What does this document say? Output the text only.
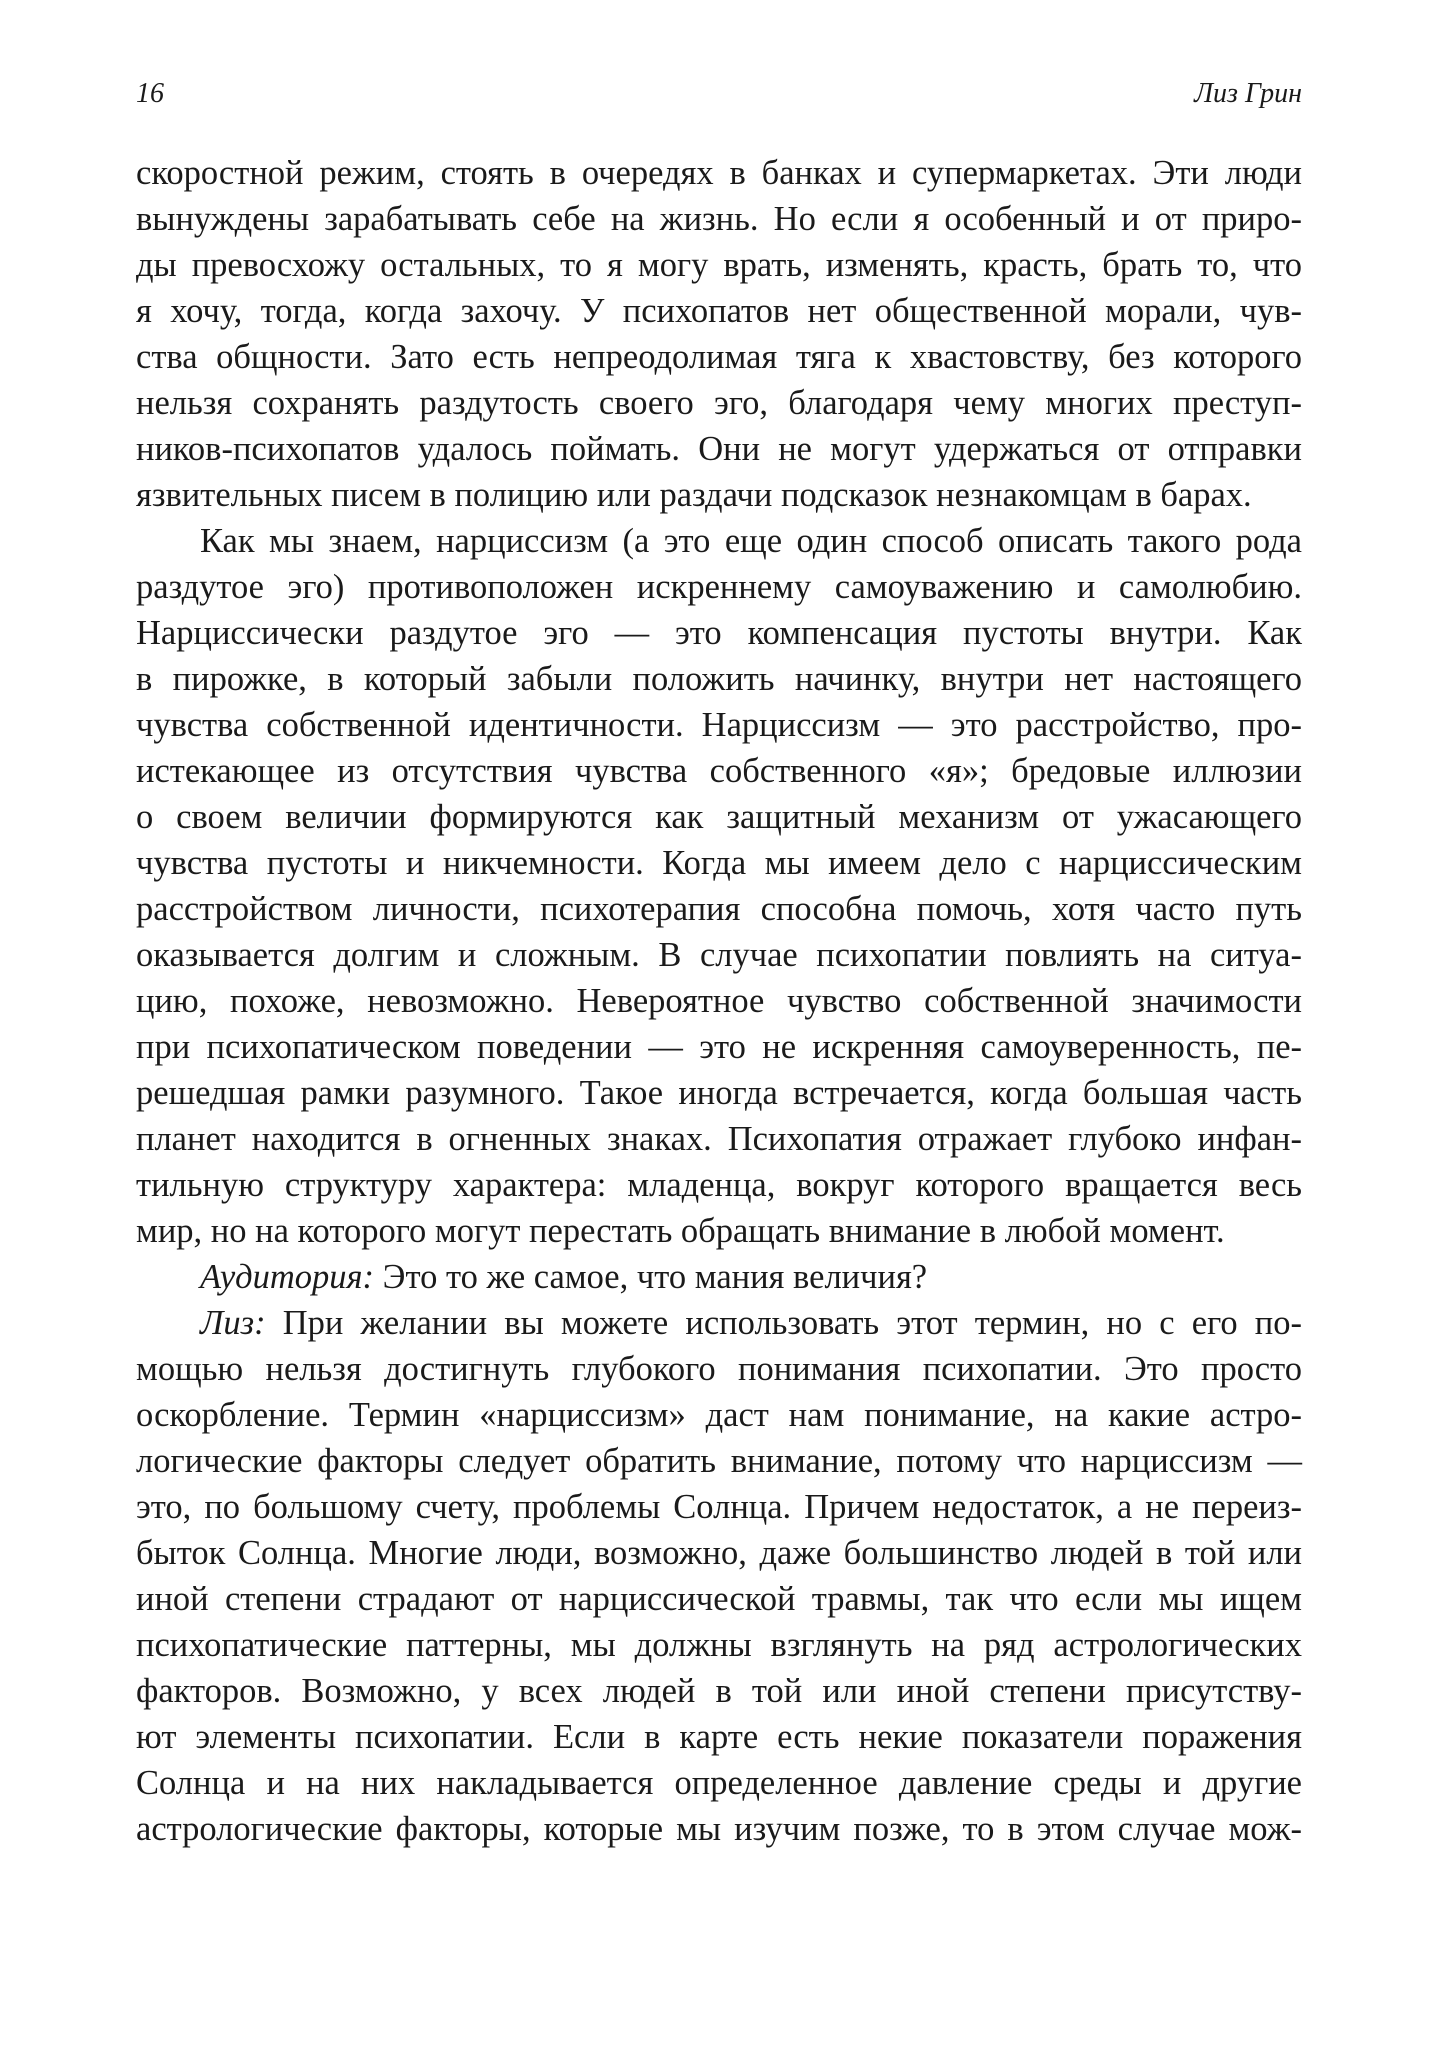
16	Лиз Грин
скоростной режим, стоять в очередях в банках и супермаркетах. Эти люди
вынуждены зарабатывать себе на жизнь. Но если я особенный и от приро-
ды превосхожу остальных, то я могу врать, изменять, красть, брать то, что
я хочу, тогда, когда захочу. У психопатов нет общественной морали, чув-
ства общности. Зато есть непреодолимая тяга к хвастовству, без которого
нельзя сохранять раздутость своего эго, благодаря чему многих преступ-
ников-психопатов удалось поймать. Они не могут удержаться от отправки
язвительных писем в полицию или раздачи подсказок незнакомцам в барах.
Как мы знаем, нарциссизм (а это еще один способ описать такого рода
раздутое эго) противоположен искреннему самоуважению и самолюбию.
Нарциссически раздутое эго — это компенсация пустоты внутри. Как
в пирожке, в который забыли положить начинку, внутри нет настоящего
чувства собственной идентичности. Нарциссизм — это расстройство, про-
истекающее из отсутствия чувства собственного «я»; бредовые иллюзии
о своем величии формируются как защитный механизм от ужасающего
чувства пустоты и никчемности. Когда мы имеем дело с нарциссическим
расстройством личности, психотерапия способна помочь, хотя часто путь
оказывается долгим и сложным. В случае психопатии повлиять на ситуа-
цию, похоже, невозможно. Невероятное чувство собственной значимости
при психопатическом поведении — это не искренняя самоуверенность, пе-
решедшая рамки разумного. Такое иногда встречается, когда большая часть
планет находится в огненных знаках. Психопатия отражает глубоко инфан-
тильную структуру характера: младенца, вокруг которого вращается весь
мир, но на которого могут перестать обращать внимание в любой момент.
Аудитория: Это то же самое, что мания величия?
Лиз: При желании вы можете использовать этот термин, но с его по-
мощью нельзя достигнуть глубокого понимания психопатии. Это просто
оскорбление. Термин «нарциссизм» даст нам понимание, на какие астро-
логические факторы следует обратить внимание, потому что нарциссизм —
это, по большому счету, проблемы Солнца. Причем недостаток, а не переиз-
быток Солнца. Многие люди, возможно, даже большинство людей в той или
иной степени страдают от нарциссической травмы, так что если мы ищем
психопатические паттерны, мы должны взглянуть на ряд астрологических
факторов. Возможно, у всех людей в той или иной степени присутству-
ют элементы психопатии. Если в карте есть некие показатели поражения
Солнца и на них накладывается определенное давление среды и другие
астрологические факторы, которые мы изучим позже, то в этом случае мож-
